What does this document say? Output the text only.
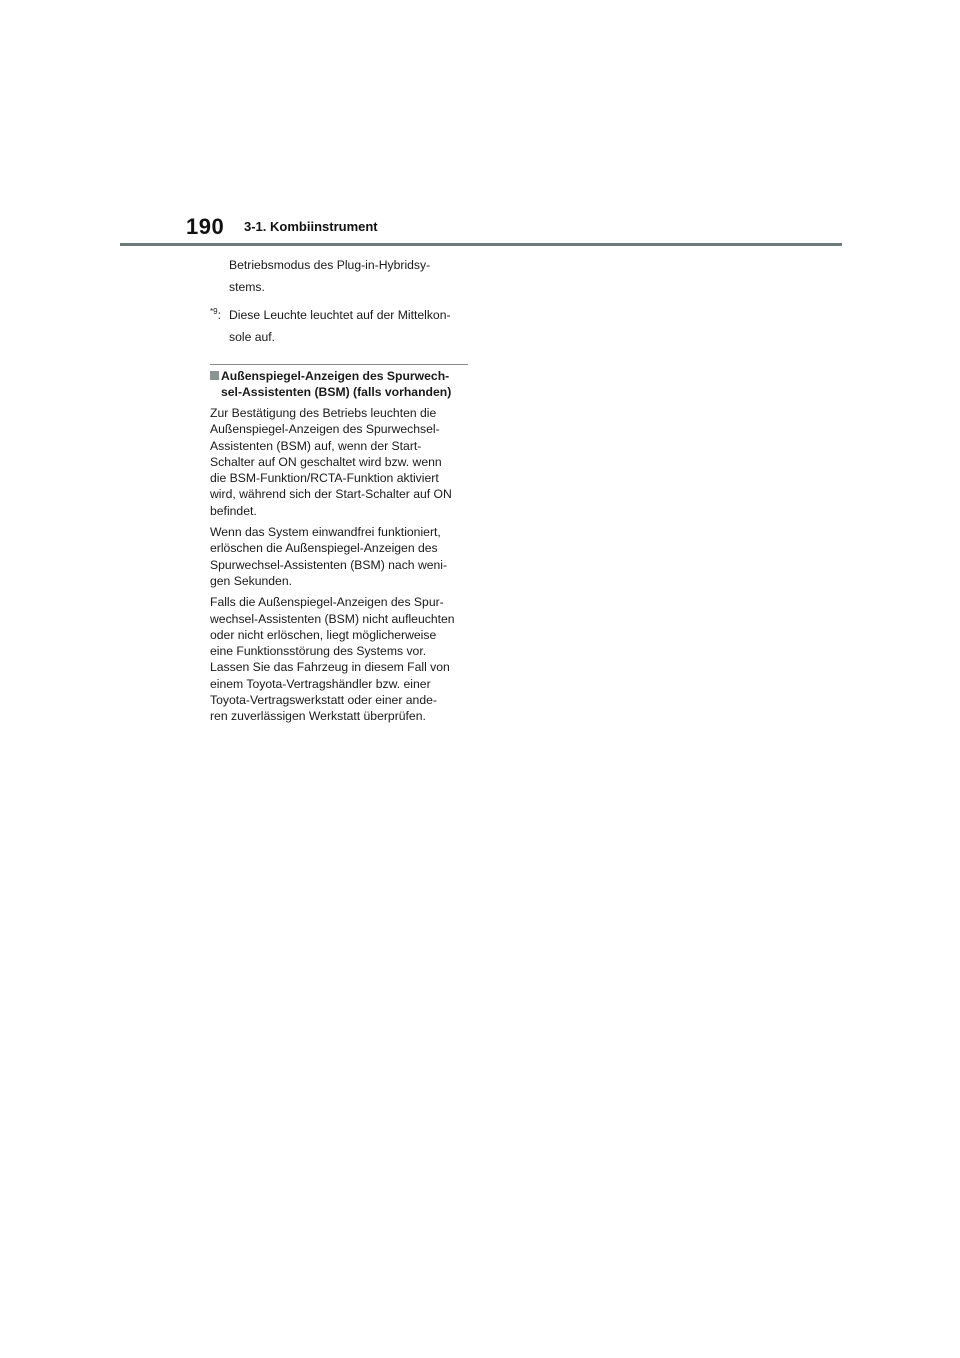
190 3-1. Kombiinstrument
Betriebsmodus des Plug-in-Hybridsy-
stems.
$^{*9}$: Diese Leuchte leuchtet auf der Mittelkon-
sole auf.
Außenspiegel-Anzeigen des Spurwech-
sel-Assistenten (BSM) (falls vorhanden)
Zur Bestätigung des Betriebs leuchten die
Außenspiegel-Anzeigen des Spurwechsel-
Assistenten (BSM) auf, wenn der Start-
Schalter auf ON geschaltet wird bzw. wenn
die BSM-Funktion/RCTA-Funktion aktiviert
wird, während sich der Start-Schalter auf ON
befindet.
Wenn das System einwandfrei funktioniert,
erlöschen die Außenspiegel-Anzeigen des
Spurwechsel-Assistenten (BSM) nach weni-
gen Sekunden.
Falls die Außenspiegel-Anzeigen des Spur-
wechsel-Assistenten (BSM) nicht aufleuchten
oder nicht erlöschen, liegt möglicherweise
eine Funktionsstörung des Systems vor.
Lassen Sie das Fahrzeug in diesem Fall von
einem Toyota-Vertragshändler bzw. einer
Toyota-Vertragswerkstatt oder einer ande-
ren zuverlässigen Werkstatt überprüfen.
